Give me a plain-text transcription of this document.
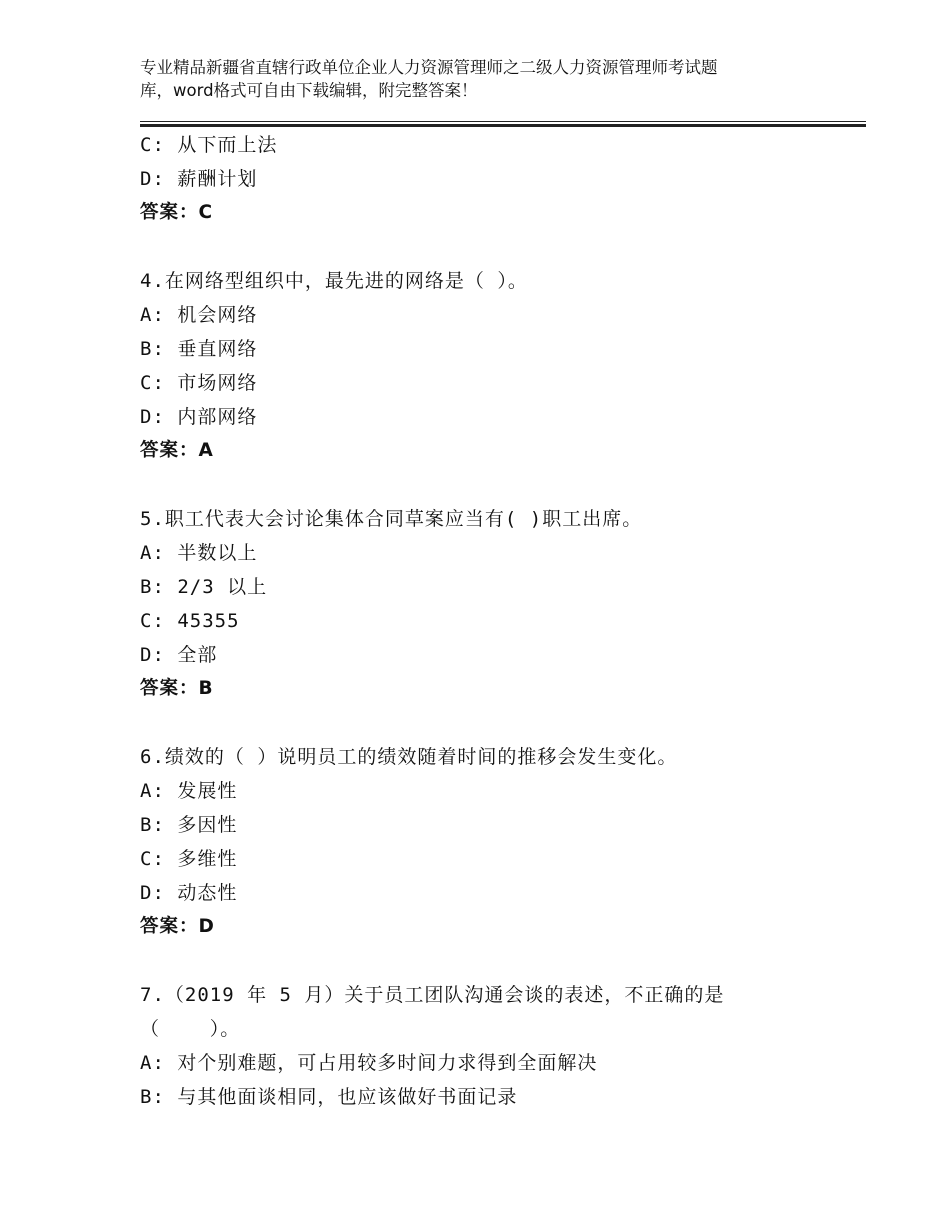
专业精品新疆省直辖行政单位企业人力资源管理师之二级人力资源管理师考试题
库，word格式可自由下载编辑，附完整答案！
C: 从下而上法
D: 薪酬计划
答案：C
4.在网络型组织中，最先进的网络是（ ）。
A: 机会网络
B: 垂直网络
C: 市场网络
D: 内部网络
答案：A
5.职工代表大会讨论集体合同草案应当有( )职工出席。
A: 半数以上
B: 2/3 以上
C: 45355
D: 全部
答案：B
6.绩效的（ ）说明员工的绩效随着时间的推移会发生变化。
A: 发展性
B: 多因性
C: 多维性
D: 动态性
答案：D
7.（2019 年 5 月）关于员工团队沟通会谈的表述，不正确的是
（    ）。
A: 对个别难题，可占用较多时间力求得到全面解决
B: 与其他面谈相同，也应该做好书面记录
